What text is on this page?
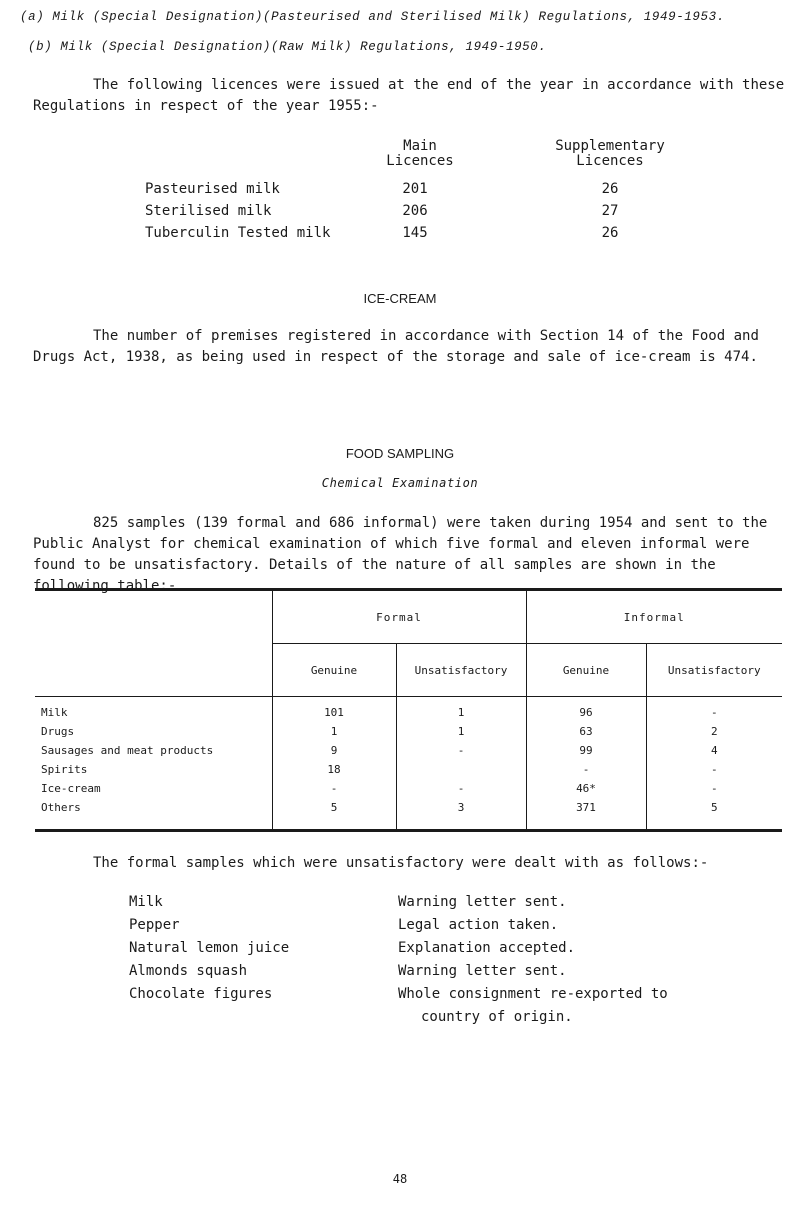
(a) Milk (Special Designation)(Pasteurised and Sterilised Milk) Regulations, 1949-1953.
(b) Milk (Special Designation)(Raw Milk) Regulations, 1949-1950.
The following licences were issued at the end of the year in accordance with these Regulations in respect of the year 1955:-
Main
Licences
Supplementary
Licences
Pasteurised milk	201	26
Sterilised milk	206	27
Tuberculin Tested milk	145	26
ICE-CREAM
The number of premises registered in accordance with Section 14 of the Food and Drugs Act, 1938, as being used in respect of the storage and sale of ice-cream is 474.
FOOD SAMPLING
Chemical Examination
825 samples (139 formal and 686 informal) were taken during 1954 and sent to the Public Analyst for chemical examination of which five formal and eleven informal were found to be unsatisfactory. Details of the nature of all samples are shown in the following table:-
	Formal		Informal	
	Genuine	Unsatisfactory	Genuine	Unsatisfactory

Milk	101	1	96	-
Drugs	1	1	63	2
Sausages and meat products	9	-	99	4
Spirits	18		-	-
Ice-cream	-	-	46*	-
Others	5	3	371	5

The formal samples which were unsatisfactory were dealt with as follows:-
Milk	Warning letter sent.
Pepper	Legal action taken.
Natural lemon juice	Explanation accepted.
Almonds squash	Warning letter sent.
Chocolate figures	Whole consignment re-exported to
country of origin.
48
